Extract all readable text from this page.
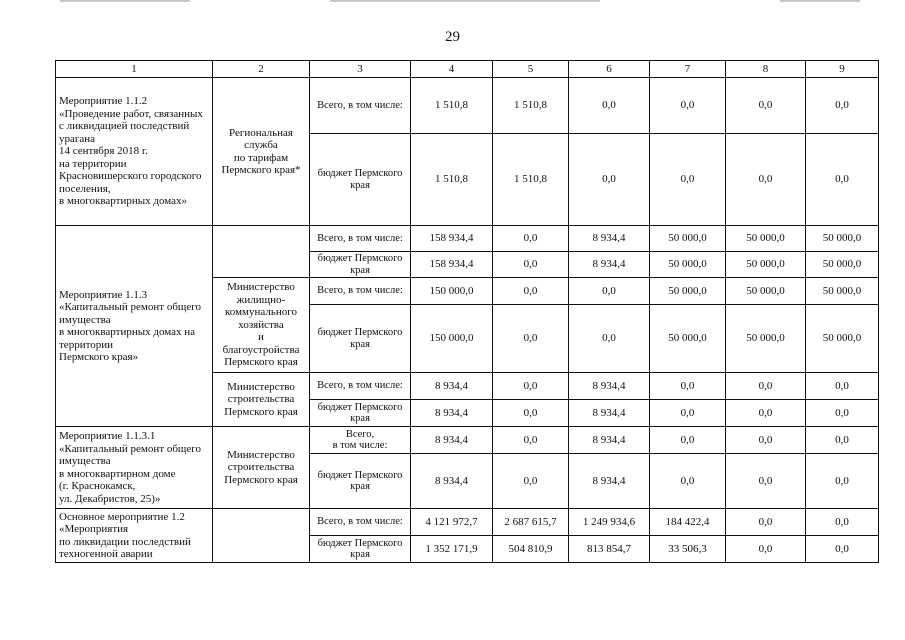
29
1	2	3	4	5	6	7	8	9
Мероприятие 1.1.2
«Проведение работ, связанных с ликвидацией последствий урагана
14 сентября 2018 г.
на территории Красновишерского городского поселения,
в многоквартирных домах»	Региональная служба
по тарифам
Пермского края*	Всего, в том числе:	1 510,8	1 510,8	0,0	0,0	0,0	0,0
		бюджет Пермского края	1 510,8	1 510,8	0,0	0,0	0,0	0,0
Мероприятие 1.1.3
«Капитальный ремонт общего имущества
в многоквартирных домах на территории
Пермского края»		Всего, в том числе:	158 934,4	0,0	8 934,4	50 000,0	50 000,0	50 000,0
		бюджет Пермского края	158 934,4	0,0	8 934,4	50 000,0	50 000,0	50 000,0
	Министерство жилищно-коммунального хозяйства
и
благоустройства Пермского края	Всего, в том числе:	150 000,0	0,0	0,0	50 000,0	50 000,0	50 000,0
		бюджет Пермского края	150 000,0	0,0	0,0	50 000,0	50 000,0	50 000,0
	Министерство строительства Пермского края	Всего, в том числе:	8 934,4	0,0	8 934,4	0,0	0,0	0,0
		бюджет Пермского края	8 934,4	0,0	8 934,4	0,0	0,0	0,0
Мероприятие 1.1.3.1
«Капитальный ремонт общего имущества
в многоквартирном доме
(г. Краснокамск,
ул. Декабристов, 25)»	Министерство строительства Пермского края	Всего,
в том числе:	8 934,4	0,0	8 934,4	0,0	0,0	0,0
		бюджет Пермского края	8 934,4	0,0	8 934,4	0,0	0,0	0,0
Основное мероприятие 1.2
«Мероприятия
по ликвидации последствий техногенной аварии		Всего, в том числе:	4 121 972,7	2 687 615,7	1 249 934,6	184 422,4	0,0	0,0
		бюджет Пермского края	1 352 171,9	504 810,9	813 854,7	33 506,3	0,0	0,0
